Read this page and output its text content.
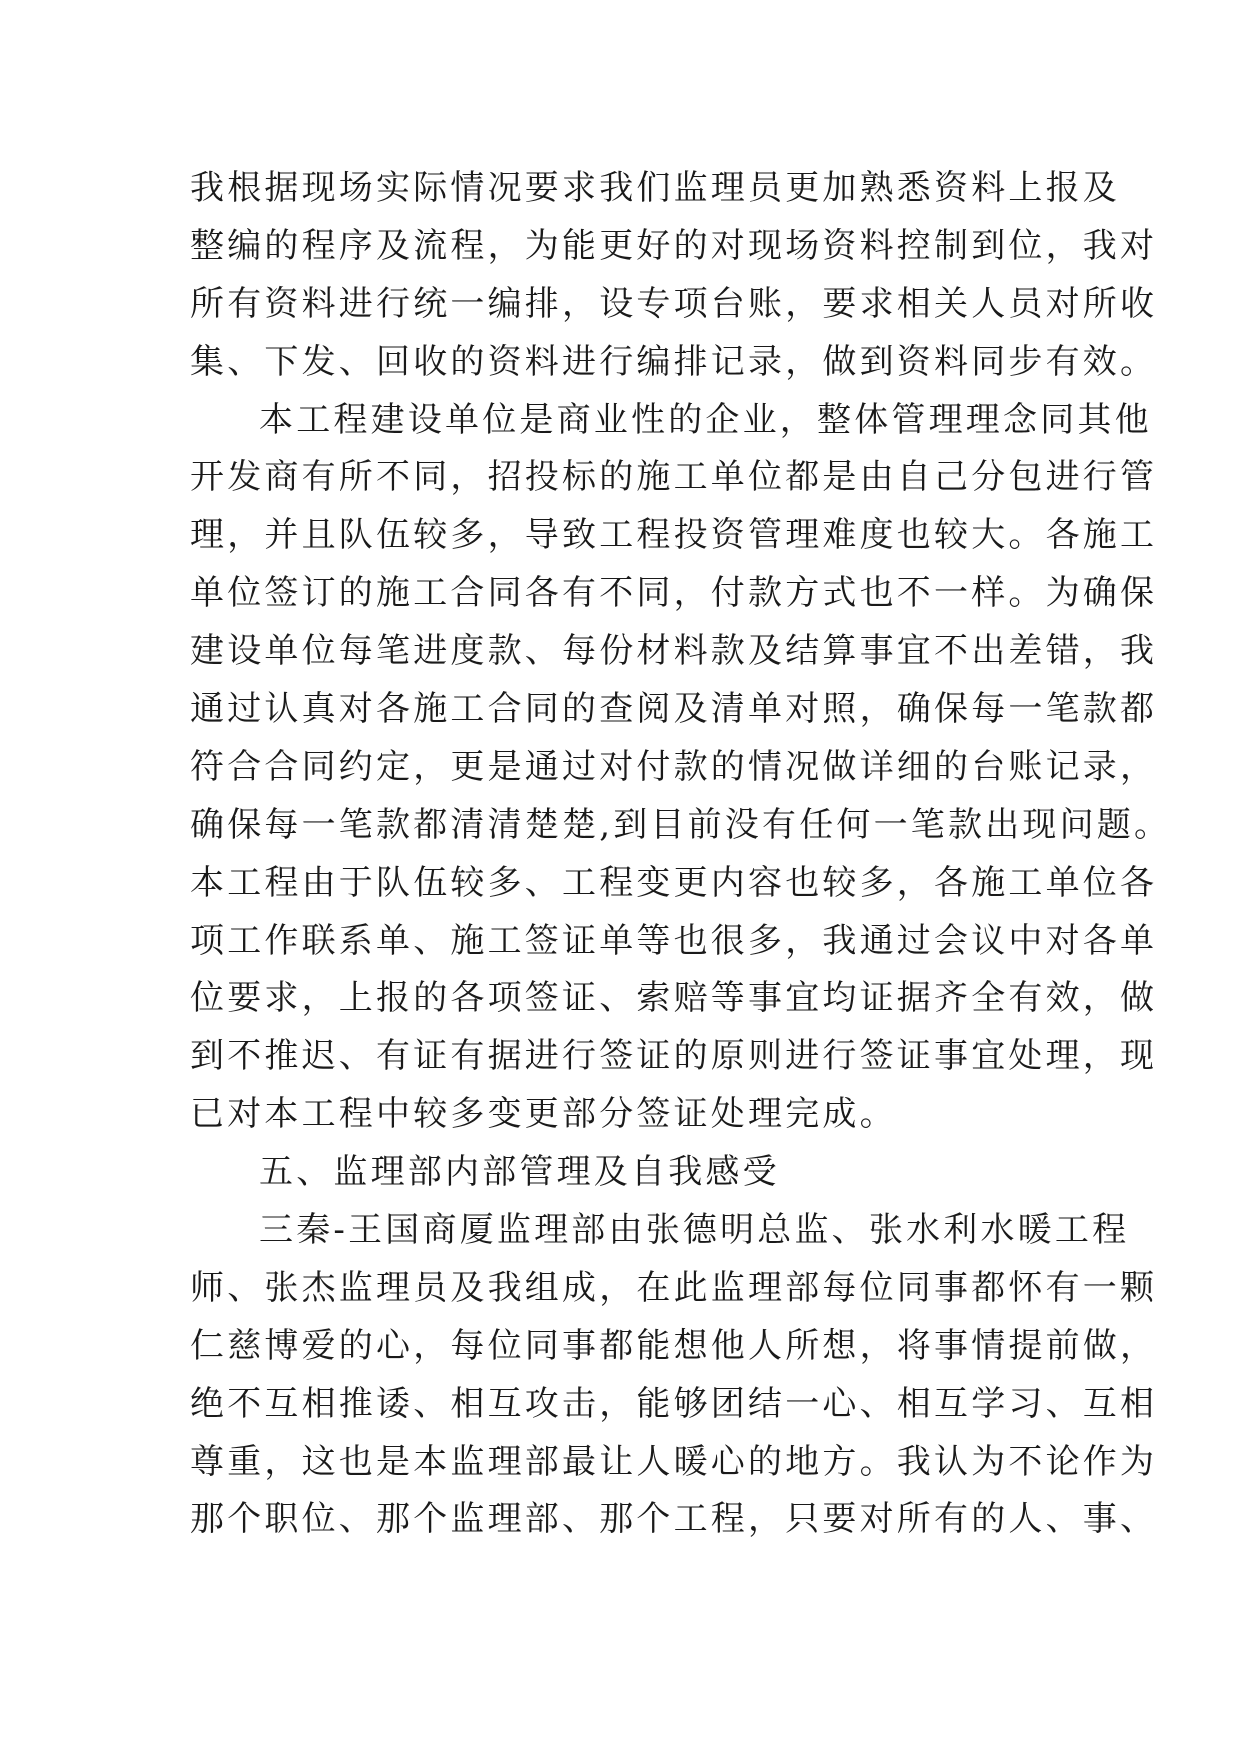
我根据现场实际情况要求我们监理员更加熟悉资料上报及
整编的程序及流程，为能更好的对现场资料控制到位，我对
所有资料进行统一编排，设专项台账，要求相关人员对所收
集、下发、回收的资料进行编排记录，做到资料同步有效。
本工程建设单位是商业性的企业，整体管理理念同其他
开发商有所不同，招投标的施工单位都是由自己分包进行管
理，并且队伍较多，导致工程投资管理难度也较大。各施工
单位签订的施工合同各有不同，付款方式也不一样。为确保
建设单位每笔进度款、每份材料款及结算事宜不出差错，我
通过认真对各施工合同的查阅及清单对照，确保每一笔款都
符合合同约定，更是通过对付款的情况做详细的台账记录，
确保每一笔款都清清楚楚,到目前没有任何一笔款出现问题。
本工程由于队伍较多、工程变更内容也较多，各施工单位各
项工作联系单、施工签证单等也很多，我通过会议中对各单
位要求，上报的各项签证、索赔等事宜均证据齐全有效，做
到不推迟、有证有据进行签证的原则进行签证事宜处理，现
已对本工程中较多变更部分签证处理完成。
五、监理部内部管理及自我感受
三秦-王国商厦监理部由张德明总监、张水利水暖工程
师、张杰监理员及我组成，在此监理部每位同事都怀有一颗
仁慈博爱的心，每位同事都能想他人所想，将事情提前做，
绝不互相推诿、相互攻击，能够团结一心、相互学习、互相
尊重，这也是本监理部最让人暖心的地方。我认为不论作为
那个职位、那个监理部、那个工程，只要对所有的人、事、
